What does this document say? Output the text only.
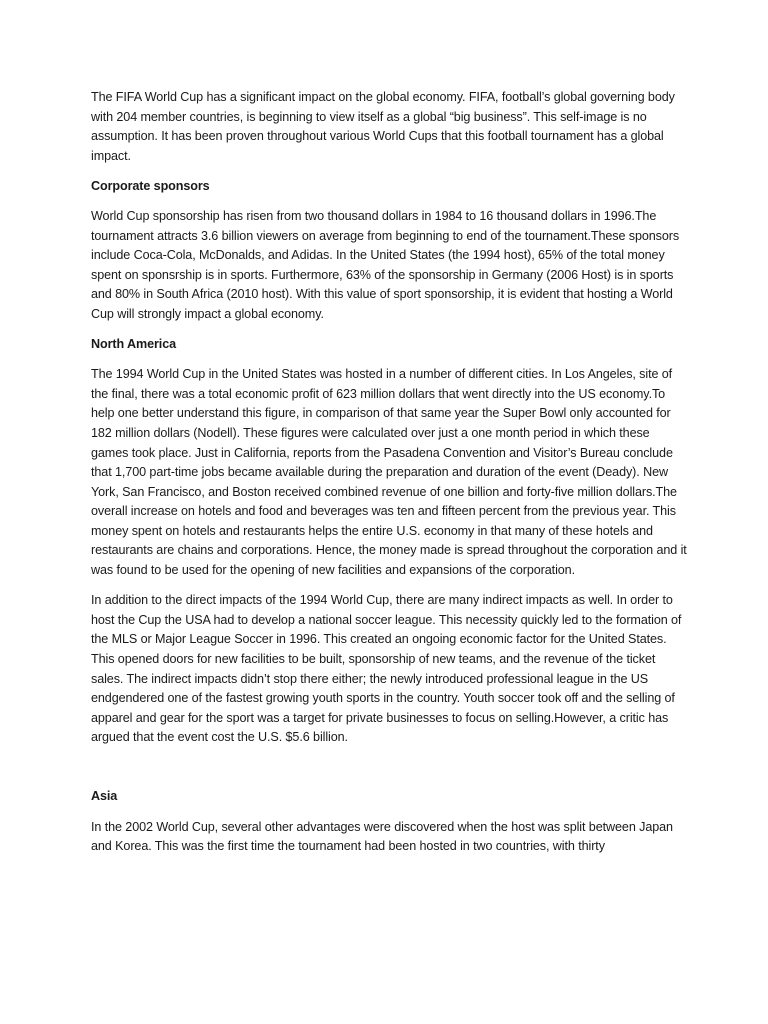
The FIFA World Cup has a significant impact on the global economy. FIFA, football’s global governing body with 204 member countries, is beginning to view itself as a global “big business”. This self-image is no assumption. It has been proven throughout various World Cups that this football tournament has a global impact.

Corporate sponsors

World Cup sponsorship has risen from two thousand dollars in 1984 to 16 thousand dollars in 1996.The tournament attracts 3.6 billion viewers on average from beginning to end of the tournament.These sponsors include Coca-Cola, McDonalds, and Adidas. In the United States (the 1994 host), 65% of the total money spent on sponsrship is in sports. Furthermore, 63% of the sponsorship in Germany (2006 Host) is in sports and 80% in South Africa (2010 host). With this value of sport sponsorship, it is evident that hosting a World Cup will strongly impact a global economy.

North America

The 1994 World Cup in the United States was hosted in a number of different cities. In Los Angeles, site of the final, there was a total economic profit of 623 million dollars that went directly into the US economy.To help one better understand this figure, in comparison of that same year the Super Bowl only accounted for 182 million dollars (Nodell). These figures were calculated over just a one month period in which these games took place. Just in California, reports from the Pasadena Convention and Visitor’s Bureau conclude that 1,700 part-time jobs became available during the preparation and duration of the event (Deady). New York, San Francisco, and Boston received combined revenue of one billion and forty-five million dollars.The overall increase on hotels and food and beverages was ten and fifteen percent from the previous year. This money spent on hotels and restaurants helps the entire U.S. economy in that many of these hotels and restaurants are chains and corporations. Hence, the money made is spread throughout the corporation and it was found to be used for the opening of new facilities and expansions of the corporation.

In addition to the direct impacts of the 1994 World Cup, there are many indirect impacts as well. In order to host the Cup the USA had to develop a national soccer league. This necessity quickly led to the formation of the MLS or Major League Soccer in 1996. This created an ongoing economic factor for the United States. This opened doors for new facilities to be built, sponsorship of new teams, and the revenue of the ticket sales. The indirect impacts didn’t stop there either; the newly introduced professional league in the US endgendered one of the fastest growing youth sports in the country. Youth soccer took off and the selling of apparel and gear for the sport was a target for private businesses to focus on selling.However, a critic has argued that the event cost the U.S. $5.6 billion.

Asia

In the 2002 World Cup, several other advantages were discovered when the host was split between Japan and Korea. This was the first time the tournament had been hosted in two countries, with thirty
